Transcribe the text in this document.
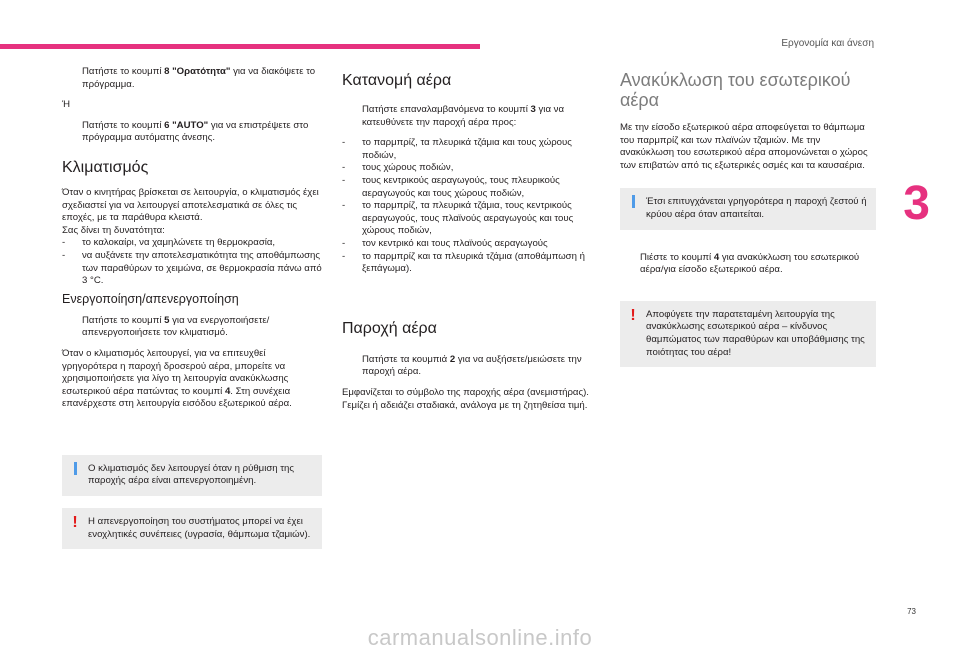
Εργονομία και άνεση
3
73
carmanualsonline.info
Πατήστε το κουμπί 8 "Ορατότητα" για να διακόψετε το πρόγραμμα.
Ή
Πατήστε το κουμπί 6 "AUTO" για να επιστρέψετε στο πρόγραμμα αυτόματης άνεσης.
Κλιματισμός
Όταν ο κινητήρας βρίσκεται σε λειτουργία, ο κλιματισμός έχει σχεδιαστεί για να λειτουργεί αποτελεσματικά σε όλες τις εποχές, με τα παράθυρα κλειστά.
Σας δίνει τη δυνατότητα:
- το καλοκαίρι, να χαμηλώνετε τη θερμοκρασία,
- να αυξάνετε την αποτελεσματικότητα της αποθάμπωσης των παραθύρων το χειμώνα, σε θερμοκρασία πάνω από 3 °C.
Ενεργοποίηση/απενεργοποίηση
Πατήστε το κουμπί 5 για να ενεργοποιήσετε/απενεργοποιήσετε τον κλιματισμό.
Όταν ο κλιματισμός λειτουργεί, για να επιτευχθεί γρηγορότερα η παροχή δροσερού αέρα, μπορείτε να χρησιμοποιήσετε για λίγο τη λειτουργία ανακύκλωσης εσωτερικού αέρα πατώντας το κουμπί 4. Στη συνέχεια επανέρχεστε στη λειτουργία εισόδου εξωτερικού αέρα.
Ο κλιματισμός δεν λειτουργεί όταν η ρύθμιση της παροχής αέρα είναι απενεργοποιημένη.
! Η απενεργοποίηση του συστήματος μπορεί να έχει ενοχλητικές συνέπειες (υγρασία, θάμπωμα τζαμιών).
Κατανομή αέρα
Πατήστε επαναλαμβανόμενα το κουμπί 3 για να κατευθύνετε την παροχή αέρα προς:
- το παρμπρίζ, τα πλευρικά τζάμια και τους χώρους ποδιών,
- τους χώρους ποδιών,
- τους κεντρικούς αεραγωγούς, τους πλευρικούς αεραγωγούς και τους χώρους ποδιών,
- το παρμπρίζ, τα πλευρικά τζάμια, τους κεντρικούς αεραγωγούς, τους πλαϊνούς αεραγωγούς και τους χώρους ποδιών,
- τον κεντρικό και τους πλαϊνούς αεραγωγούς
- το παρμπρίζ και τα πλευρικά τζάμια (αποθάμπωση ή ξεπάγωμα).
Παροχή αέρα
Πατήστε τα κουμπιά 2 για να αυξήσετε/μειώσετε την παροχή αέρα.
Εμφανίζεται το σύμβολο της παροχής αέρα (ανεμιστήρας). Γεμίζει ή αδειάζει σταδιακά, ανάλογα με τη ζητηθείσα τιμή.
Ανακύκλωση του εσωτερικού αέρα
Με την είσοδο εξωτερικού αέρα αποφεύγεται το θάμπωμα του παρμπρίζ και των πλαϊνών τζαμιών. Με την ανακύκλωση του εσωτερικού αέρα απομονώνεται ο χώρος των επιβατών από τις εξωτερικές οσμές και τα καυσαέρια.
Έτσι επιτυγχάνεται γρηγορότερα η παροχή ζεστού ή κρύου αέρα όταν απαιτείται.
Πιέστε το κουμπί 4 για ανακύκλωση του εσωτερικού αέρα/για είσοδο εξωτερικού αέρα.
! Αποφύγετε την παρατεταμένη λειτουργία της ανακύκλωσης εσωτερικού αέρα – κίνδυνος θαμπώματος των παραθύρων και υποβάθμισης της ποιότητας του αέρα!
